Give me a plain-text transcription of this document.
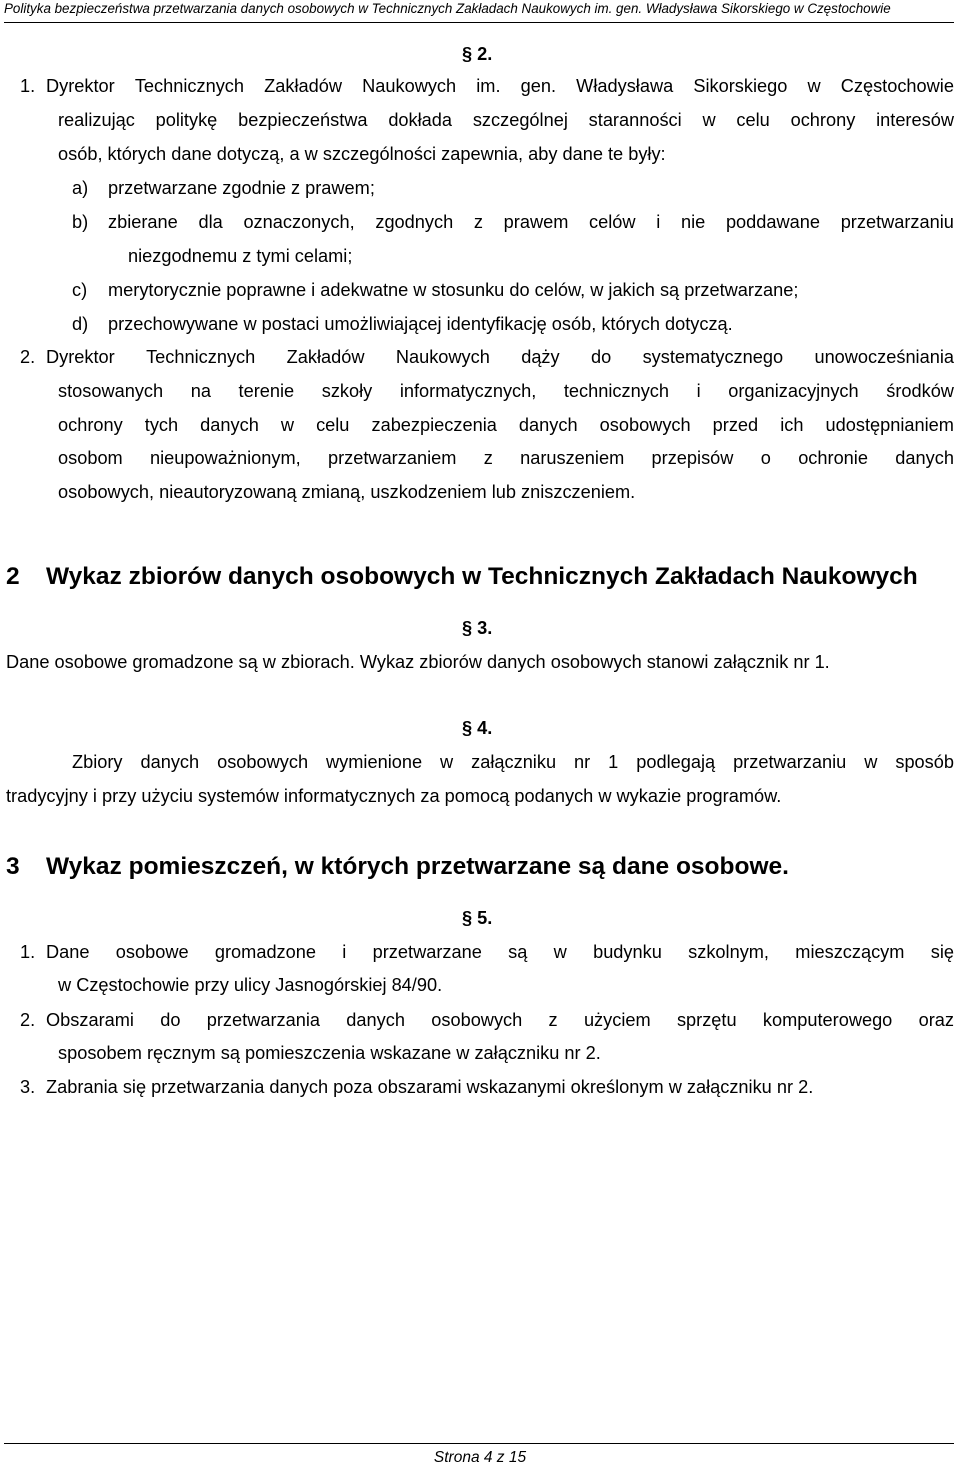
Polityka bezpieczeństwa przetwarzania danych osobowych w Technicznych Zakładach Naukowych im. gen. Władysława Sikorskiego w Częstochowie
§ 2.
1. Dyrektor Technicznych Zakładów Naukowych im. gen. Władysława Sikorskiego w Częstochowie
realizując politykę bezpieczeństwa dokłada szczególnej staranności w celu ochrony interesów
osób, których dane dotyczą, a w szczególności zapewnia, aby dane te były:
a) przetwarzane zgodnie z prawem;
b) zbierane dla oznaczonych, zgodnych z prawem celów i nie poddawane przetwarzaniu
niezgodnemu z tymi celami;
c) merytorycznie poprawne i adekwatne w stosunku do celów, w jakich są przetwarzane;
d) przechowywane w postaci umożliwiającej identyfikację osób, których dotyczą.
2. Dyrektor Technicznych Zakładów Naukowych dąży do systematycznego unowocześniania
stosowanych na terenie szkoły informatycznych, technicznych i organizacyjnych środków
ochrony tych danych w celu zabezpieczenia danych osobowych przed ich udostępnianiem
osobom nieupoważnionym, przetwarzaniem z naruszeniem przepisów o ochronie danych
osobowych, nieautoryzowaną zmianą, uszkodzeniem lub zniszczeniem.
2 Wykaz zbiorów danych osobowych w Technicznych Zakładach Naukowych
§ 3.
Dane osobowe gromadzone są w zbiorach. Wykaz zbiorów danych osobowych stanowi załącznik nr 1.
§ 4.
Zbiory danych osobowych wymienione w załączniku nr 1 podlegają przetwarzaniu w sposób
tradycyjny i przy użyciu systemów informatycznych za pomocą podanych w wykazie programów.
3 Wykaz pomieszczeń, w których przetwarzane są dane osobowe.
§ 5.
1. Dane osobowe gromadzone i przetwarzane są w budynku szkolnym, mieszczącym się
w Częstochowie przy ulicy Jasnogórskiej 84/90.
2. Obszarami do przetwarzania danych osobowych z użyciem sprzętu komputerowego oraz
sposobem ręcznym są pomieszczenia wskazane w załączniku nr 2.
3. Zabrania się przetwarzania danych poza obszarami wskazanymi określonym w załączniku nr 2.
Strona 4 z 15
